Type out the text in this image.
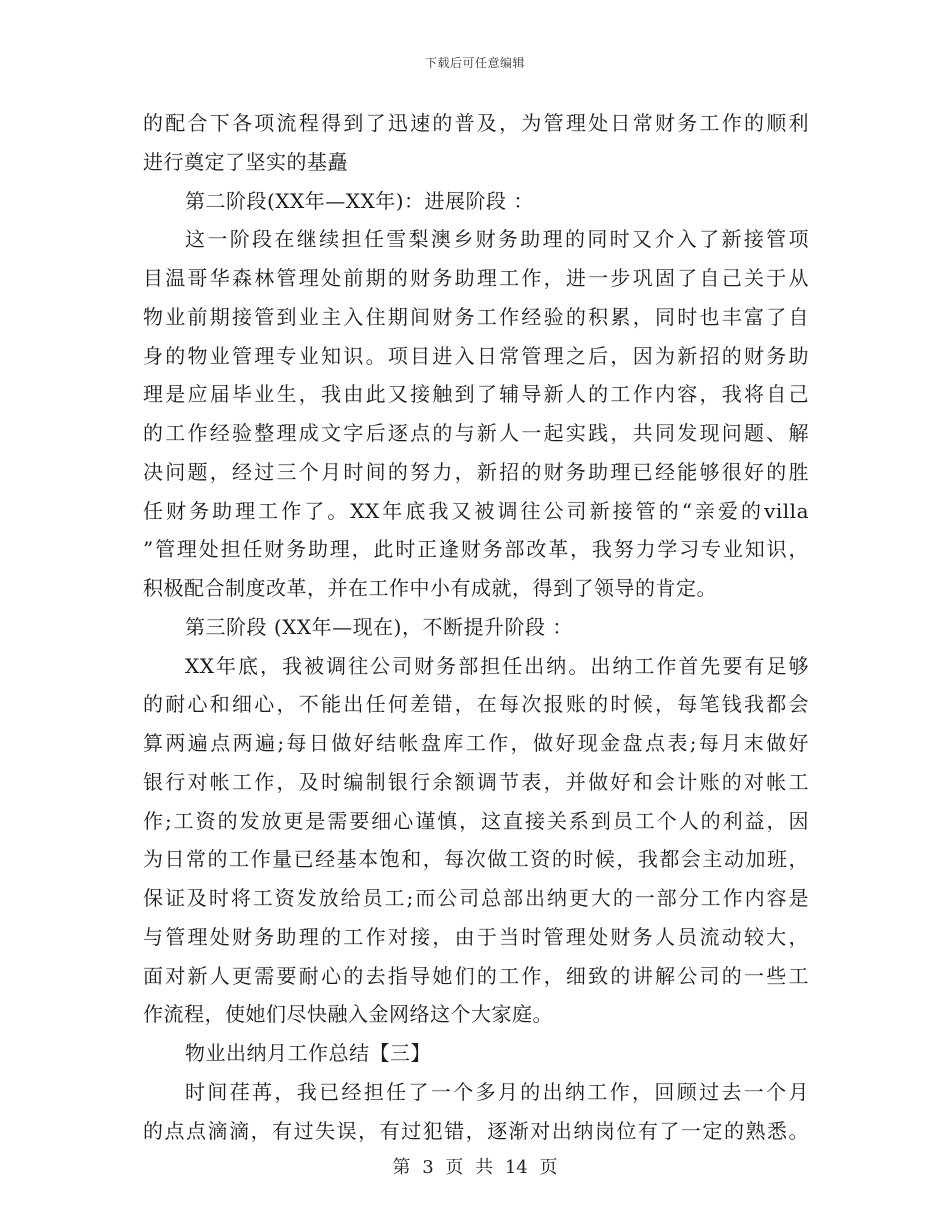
下载后可任意编辑
的配合下各项流程得到了迅速的普及，为管理处日常财务工作的顺利
进行奠定了坚实的基矗
第二阶段(XX年—XX年)：进展阶段 ：
这一阶段在继续担任雪梨澳乡财务助理的同时又介入了新接管项
目温哥华森林管理处前期的财务助理工作，进一步巩固了自己关于从
物业前期接管到业主入住期间财务工作经验的积累，同时也丰富了自
身的物业管理专业知识。项目进入日常管理之后，因为新招的财务助
理是应届毕业生，我由此又接触到了辅导新人的工作内容，我将自己
的工作经验整理成文字后逐点的与新人一起实践，共同发现问题、解
决问题，经过三个月时间的努力，新招的财务助理已经能够很好的胜
任财务助理工作了。XX年底我又被调往公司新接管的“亲爱的villa
”管理处担任财务助理，此时正逢财务部改革，我努力学习专业知识，
积极配合制度改革，并在工作中小有成就，得到了领导的肯定。
第三阶段 (XX年—现在)，不断提升阶段 ：
XX年底，我被调往公司财务部担任出纳。出纳工作首先要有足够
的耐心和细心，不能出任何差错，在每次报账的时候，每笔钱我都会
算两遍点两遍;每日做好结帐盘库工作，做好现金盘点表;每月末做好
银行对帐工作，及时编制银行余额调节表，并做好和会计账的对帐工
作;工资的发放更是需要细心谨慎，这直接关系到员工个人的利益，因
为日常的工作量已经基本饱和，每次做工资的时候，我都会主动加班，
保证及时将工资发放给员工;而公司总部出纳更大的一部分工作内容是
与管理处财务助理的工作对接，由于当时管理处财务人员流动较大，
面对新人更需要耐心的去指导她们的工作，细致的讲解公司的一些工
作流程，使她们尽快融入金网络这个大家庭。
物业出纳月工作总结【三】
时间荏苒，我已经担任了一个多月的出纳工作，回顾过去一个月
的点点滴滴，有过失误，有过犯错，逐渐对出纳岗位有了一定的熟悉。
第 3 页 共 14 页
